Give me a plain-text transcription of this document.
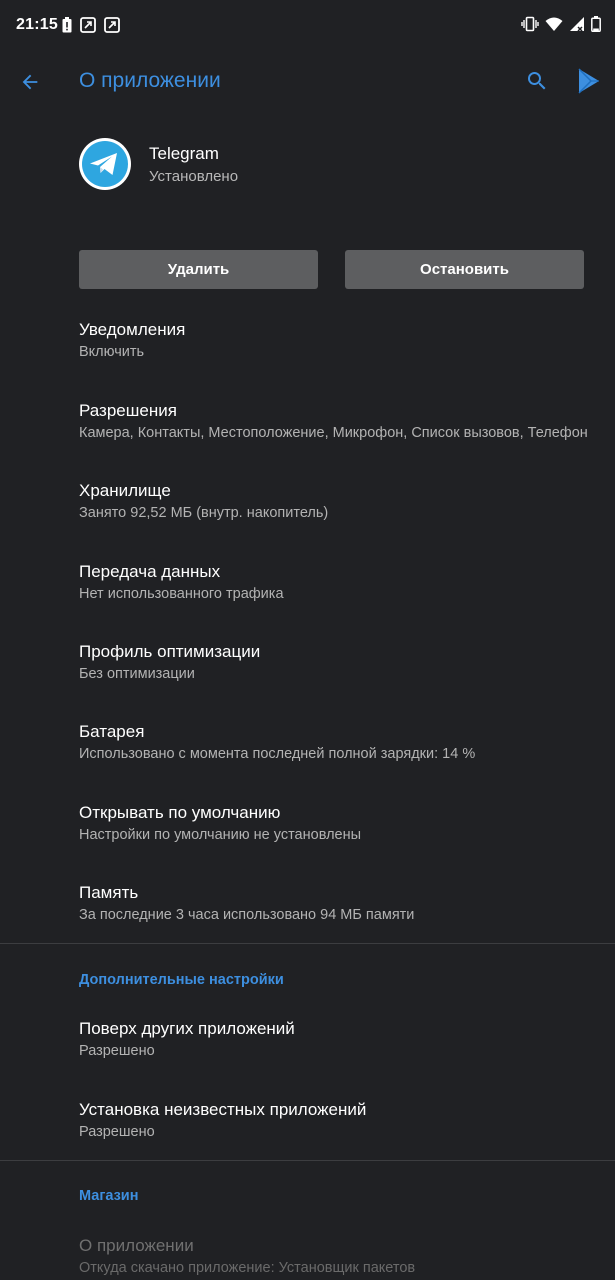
21:15
О приложении
Telegram
Установлено
Удалить	Остановить
Уведомления
Включить
Разрешения
Камера, Контакты, Местоположение, Микрофон, Список вызовов, Телефон
Хранилище
Занято 92,52 МБ (внутр. накопитель)
Передача данных
Нет использованного трафика
Профиль оптимизации
Без оптимизации
Батарея
Использовано с момента последней полной зарядки: 14 %
Открывать по умолчанию
Настройки по умолчанию не установлены
Память
За последние 3 часа использовано 94 МБ памяти
Дополнительные настройки
Поверх других приложений
Разрешено
Установка неизвестных приложений
Разрешено
Магазин
О приложении
Откуда скачано приложение: Установщик пакетов
